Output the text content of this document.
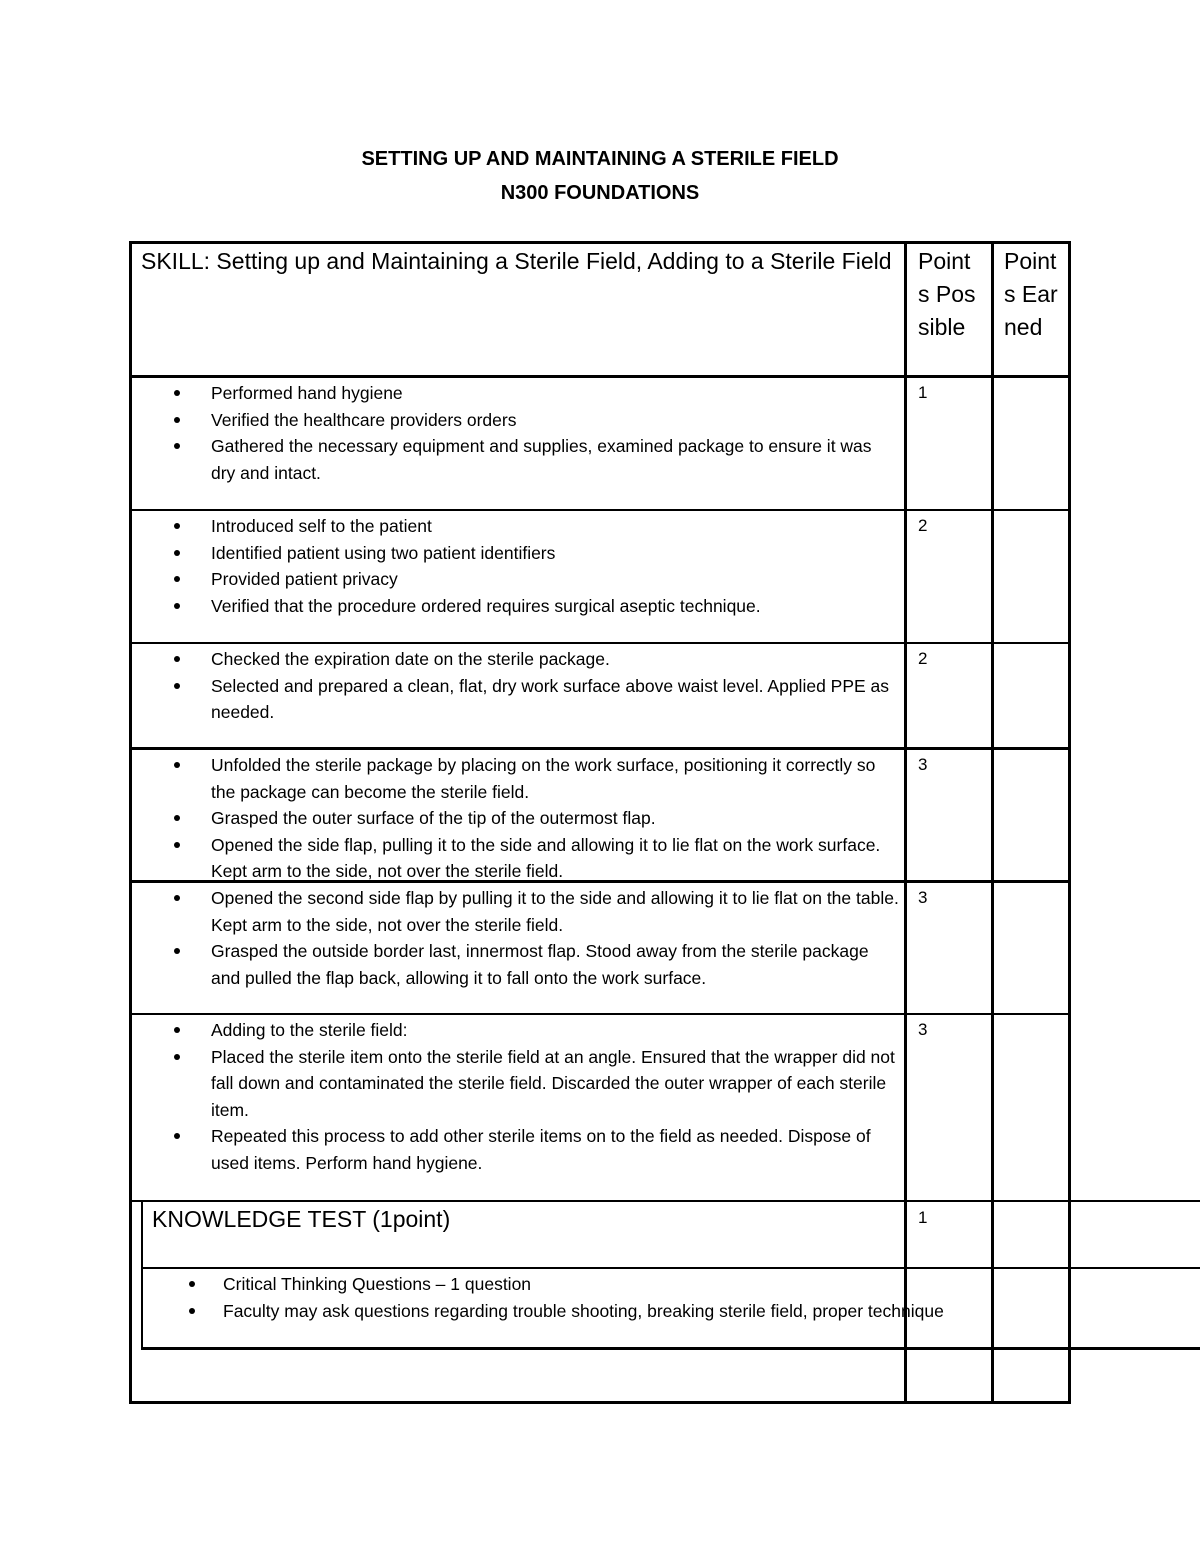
SETTING UP AND MAINTAINING A STERILE FIELD
N300 FOUNDATIONS
SKILL: Setting up and Maintaining a Sterile Field, Adding to a Sterile Field Points Possible
Points Earned
Performed hand hygiene
Verified the healthcare providers orders
Gathered the necessary equipment and supplies, examined package to ensure it was dry and intact.
1
Introduced self to the patient
Identified patient using two patient identifiers
Provided patient privacy
Verified that the procedure ordered requires surgical aseptic technique.
2
Checked the expiration date on the sterile package.
Selected and prepared a clean, flat, dry work surface above waist level. Applied PPE as needed.
2
Unfolded the sterile package by placing on the work surface, positioning it correctly so the package can become the sterile field.
Grasped the outer surface of the tip of the outermost flap.
Opened the side flap, pulling it to the side and allowing it to lie flat on the work surface. Kept arm to the side, not over the sterile field.
3
Opened the second side flap by pulling it to the side and allowing it to lie flat on the table. Kept arm to the side, not over the sterile field.
Grasped the outside border last, innermost flap. Stood away from the sterile package and pulled the flap back, allowing it to fall onto the work surface.
3
Adding to the sterile field:
Placed the sterile item onto the sterile field at an angle. Ensured that the wrapper did not fall down and contaminated the sterile field. Discarded the outer wrapper of each sterile item.
Repeated this process to add other sterile items on to the field as needed. Dispose of used items. Perform hand hygiene.
3
KNOWLEDGE TEST (1point)	1
Critical Thinking Questions – 1 question
Faculty may ask questions regarding trouble shooting, breaking sterile field, proper technique
